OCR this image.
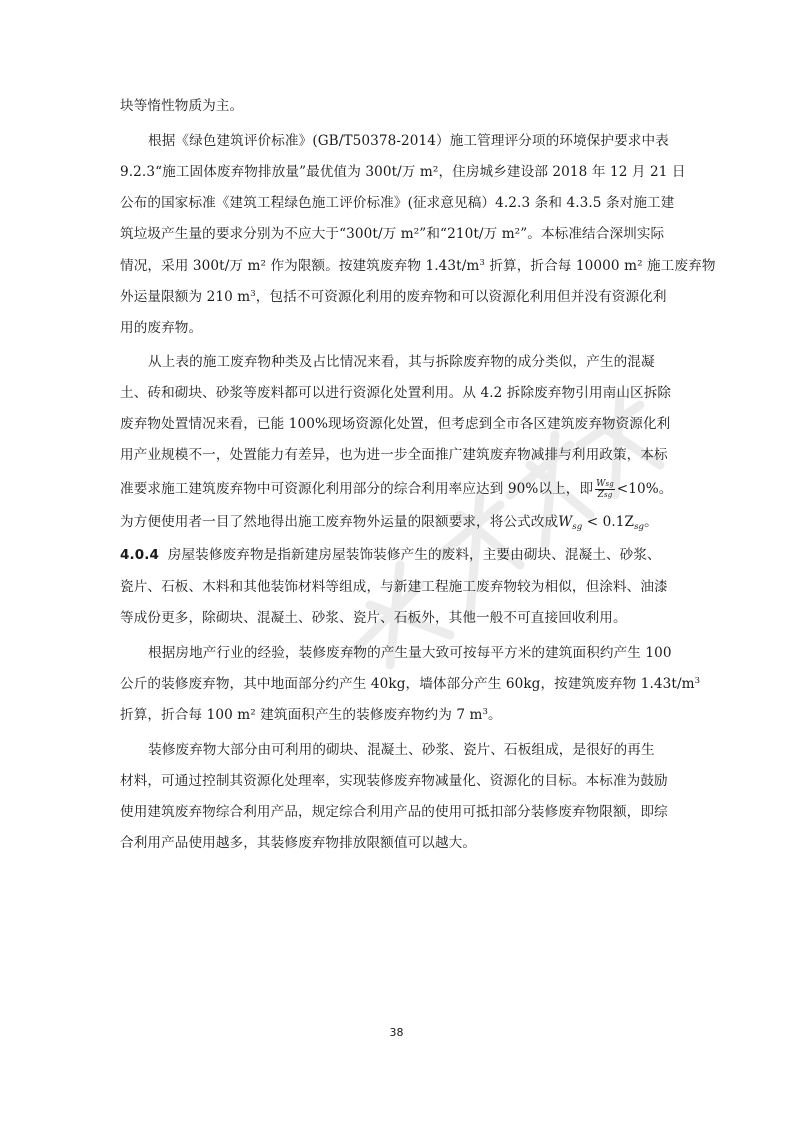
块等惰性物质为主。
根据《绿色建筑评价标准》(GB/T50378-2014）施工管理评分项的环境保护要求中表
9.2.3“施工固体废弃物排放量”最优值为 300t/万 m²，住房城乡建设部 2018 年 12 月 21 日
公布的国家标准《建筑工程绿色施工评价标准》(征求意见稿）4.2.3 条和 4.3.5 条对施工建
筑垃圾产生量的要求分别为不应大于“300t/万 m²”和“210t/万 m²”。本标准结合深圳实际
情况，采用 300t/万 m² 作为限额。按建筑废弃物 $1.43t/m^3$ 折算，折合每 10000 m² 施工废弃物
外运量限额为 210 $m^3$，包括不可资源化利用的废弃物和可以资源化利用但并没有资源化利
用的废弃物。
从上表的施工废弃物种类及占比情况来看，其与拆除废弃物的成分类似，产生的混凝
土、砖和砌块、砂浆等废料都可以进行资源化处置利用。从 4.2 拆除废弃物引用南山区拆除
废弃物处置情况来看，已能 100%现场资源化处置，但考虑到全市各区建筑废弃物资源化利
用产业规模不一，处置能力有差异，也为进一步全面推广建筑废弃物减排与利用政策，本标
准要求施工建筑废弃物中可资源化利用部分的综合利用率应达到 90%以上，即 $\frac{\text{Wsg}}{\text{Zsg}} <10\%$。
为方便使用者一目了然地得出施工废弃物外运量的限额要求，将公式改成$W_{sg} < 0.1Z_{sg}$。
4.0.4 房屋装修废弃物是指新建房屋装饰装修产生的废料，主要由砌块、混凝土、砂浆、
瓷片、石板、木料和其他装饰材料等组成，与新建工程施工废弃物较为相似，但涂料、油漆
等成份更多，除砌块、混凝土、砂浆、瓷片、石板外，其他一般不可直接回收利用。
根据房地产行业的经验，装修废弃物的产生量大致可按每平方米的建筑面积约产生 100
公斤的装修废弃物，其中地面部分约产生 40kg，墙体部分产生 60kg，按建筑废弃物 $1.43t/m^3$
折算，折合每 100 m² 建筑面积产生的装修废弃物约为 7 $m^3$。
装修废弃物大部分由可利用的砌块、混凝土、砂浆、瓷片、石板组成，是很好的再生
材料，可通过控制其资源化处理率，实现装修废弃物减量化、资源化的目标。本标准为鼓励
使用建筑废弃物综合利用产品，规定综合利用产品的使用可抵扣部分装修废弃物限额，即综
合利用产品使用越多，其装修废弃物排放限额值可以越大。
38
